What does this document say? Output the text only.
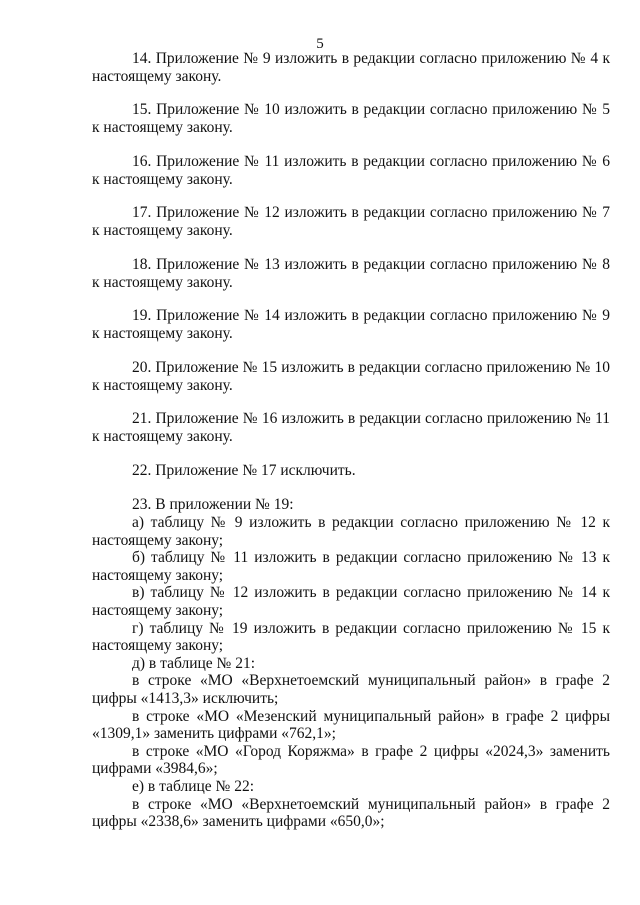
5

14. Приложение № 9 изложить в редакции согласно приложению № 4 к настоящему закону.

15. Приложение № 10 изложить в редакции согласно приложению № 5 к настоящему закону.

16. Приложение № 11 изложить в редакции согласно приложению № 6 к настоящему закону.

17. Приложение № 12 изложить в редакции согласно приложению № 7 к настоящему закону.

18. Приложение № 13 изложить в редакции согласно приложению № 8 к настоящему закону.

19. Приложение № 14 изложить в редакции согласно приложению № 9 к настоящему закону.

20. Приложение № 15 изложить в редакции согласно приложению № 10 к настоящему закону.

21. Приложение № 16 изложить в редакции согласно приложению № 11 к настоящему закону.

22. Приложение № 17 исключить.

23. В приложении № 19:

а) таблицу № 9 изложить в редакции согласно приложению № 12 к настоящему закону;

б) таблицу № 11 изложить в редакции согласно приложению № 13 к настоящему закону;

в) таблицу № 12 изложить в редакции согласно приложению № 14 к настоящему закону;

г) таблицу № 19 изложить в редакции согласно приложению № 15 к настоящему закону;

д) в таблице № 21:

в строке «МО «Верхнетоемский муниципальный район» в графе 2 цифры «1413,3» исключить;

в строке «МО «Мезенский муниципальный район» в графе 2 цифры «1309,1» заменить цифрами «762,1»;

в строке «МО «Город Коряжма» в графе 2 цифры «2024,3» заменить цифрами «3984,6»;

е) в таблице № 22:

в строке «МО «Верхнетоемский муниципальный район» в графе 2 цифры «2338,6» заменить цифрами «650,0»;
